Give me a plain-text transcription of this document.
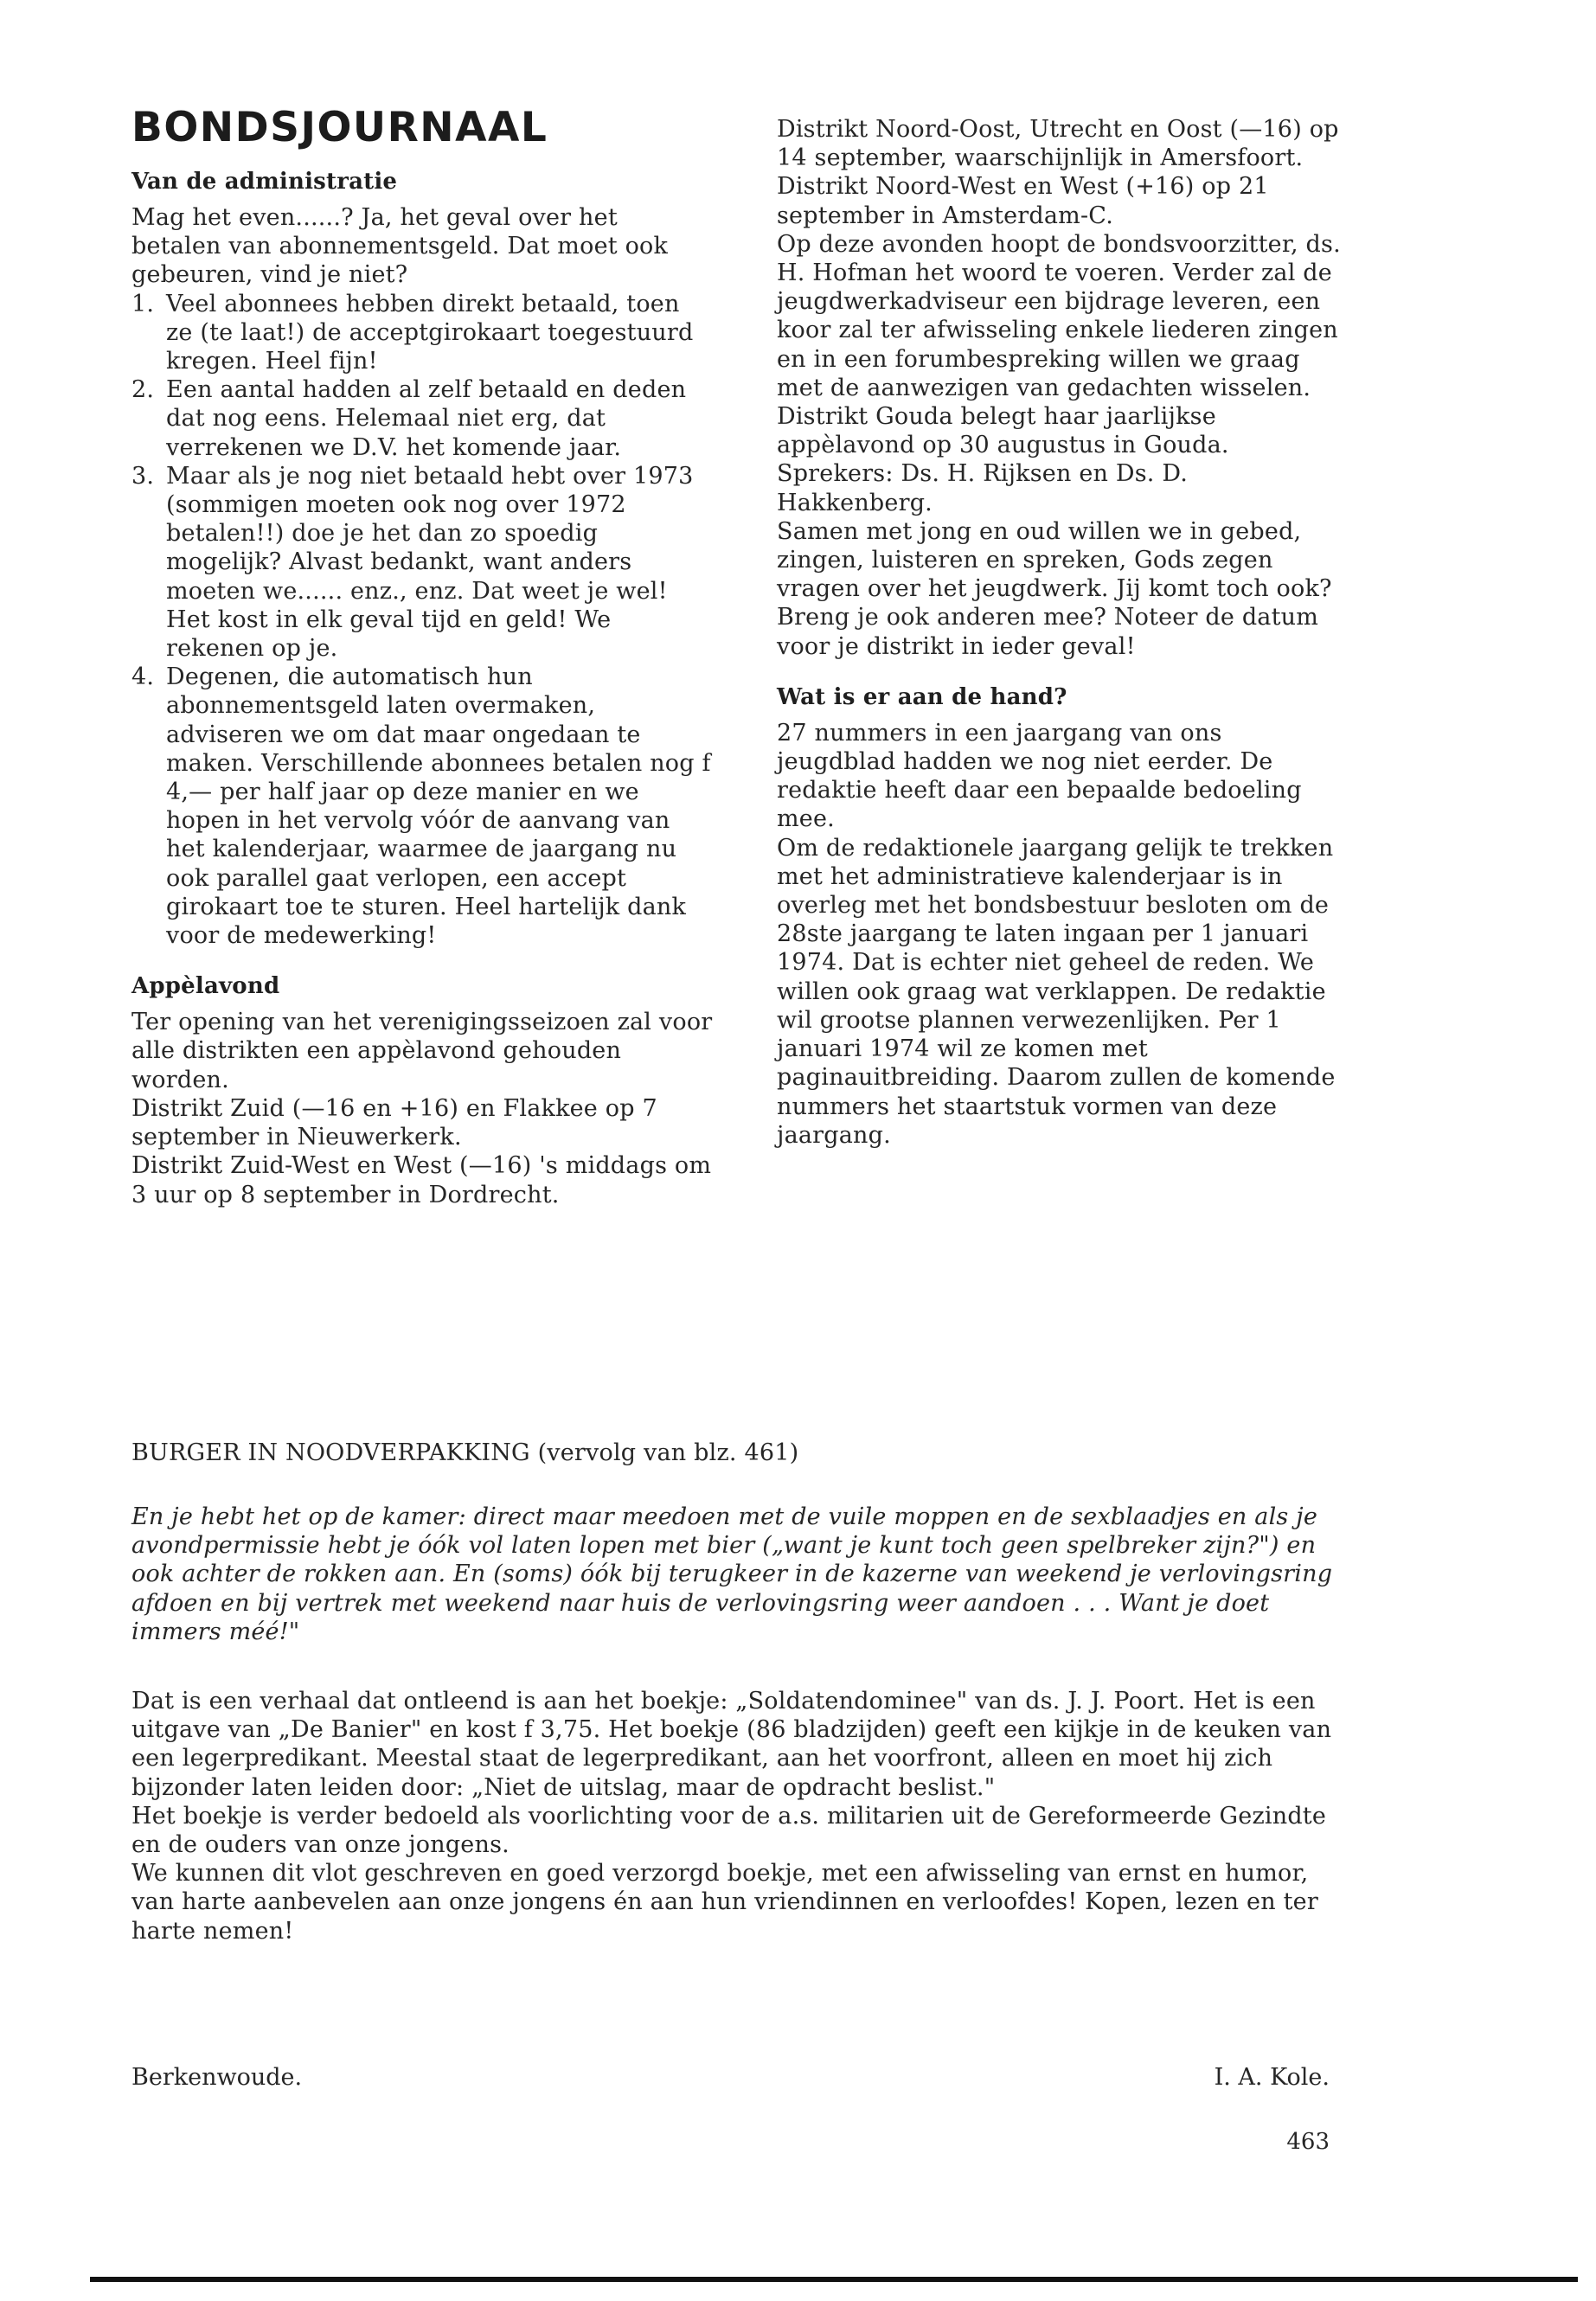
BONDSJOURNAAL
Van de administratie

Mag het even......? Ja, het geval over het betalen van abonnementsgeld. Dat moet ook gebeuren, vind je niet?

1. Veel abonnees hebben direkt betaald, toen ze (te laat!) de acceptgirokaart toegestuurd kregen. Heel fijn!
2. Een aantal hadden al zelf betaald en deden dat nog eens. Helemaal niet erg, dat verrekenen we D.V. het komende jaar.
3. Maar als je nog niet betaald hebt over 1973 (sommigen moeten ook nog over 1972 betalen!!) doe je het dan zo spoedig mogelijk? Alvast bedankt, want anders moeten we...... enz., enz. Dat weet je wel! Het kost in elk geval tijd en geld! We rekenen op je.
4. Degenen, die automatisch hun abonnementsgeld laten overmaken, adviseren we om dat maar ongedaan te maken. Verschillende abonnees betalen nog f 4,— per half jaar op deze manier en we hopen in het vervolg vóór de aanvang van het kalenderjaar, waarmee de jaargang nu ook parallel gaat verlopen, een accept girokaart toe te sturen. Heel hartelijk dank voor de medewerking!
Appèlavond

Ter opening van het verenigingsseizoen zal voor alle distrikten een appèlavond gehouden worden.

Distrikt Zuid (—16 en +16) en Flakkee op 7 september in Nieuwerkerk.

Distrikt Zuid-West en West (—16) 's middags om 3 uur op 8 september in Dordrecht.

Distrikt Noord-Oost, Utrecht en Oost (—16) op 14 september, waarschijnlijk in Amersfoort.

Distrikt Noord-West en West (+16) op 21 september in Amsterdam-C.

Op deze avonden hoopt de bondsvoorzitter, ds. H. Hofman het woord te voeren. Verder zal de jeugdwerkadviseur een bijdrage leveren, een koor zal ter afwisseling enkele liederen zingen en in een forumbespreking willen we graag met de aanwezigen van gedachten wisselen.

Distrikt Gouda belegt haar jaarlijkse appèlavond op 30 augustus in Gouda. Sprekers: Ds. H. Rijksen en Ds. D. Hakkenberg.

Samen met jong en oud willen we in gebed, zingen, luisteren en spreken, Gods zegen vragen over het jeugdwerk. Jij komt toch ook? Breng je ook anderen mee? Noteer de datum voor je distrikt in ieder geval!

Wat is er aan de hand?

27 nummers in een jaargang van ons jeugdblad hadden we nog niet eerder. De redaktie heeft daar een bepaalde bedoeling mee.

Om de redaktionele jaargang gelijk te trekken met het administratieve kalenderjaar is in overleg met het bondsbestuur besloten om de 28ste jaargang te laten ingaan per 1 januari 1974. Dat is echter niet geheel de reden. We willen ook graag wat verklappen. De redaktie wil grootse plannen verwezenlijken. Per 1 januari 1974 wil ze komen met paginauitbreiding. Daarom zullen de komende nummers het staartstuk vormen van deze jaargang.

BURGER IN NOODVERPAKKING (vervolg van blz. 461)
En je hebt het op de kamer: direct maar meedoen met de vuile moppen en de sexblaadjes en als je avondpermissie hebt je óók vol laten lopen met bier („want je kunt toch geen spelbreker zijn?") en ook achter de rokken aan. En (soms) óók bij terugkeer in de kazerne van weekend je verlovingsring afdoen en bij vertrek met weekend naar huis de verlovingsring weer aandoen . . . Want je doet immers méé!"

Dat is een verhaal dat ontleend is aan het boekje: „Soldatendominee" van ds. J. J. Poort. Het is een uitgave van „De Banier" en kost f 3,75. Het boekje (86 bladzijden) geeft een kijkje in de keuken van een legerpredikant. Meestal staat de legerpredikant, aan het voorfront, alleen en moet hij zich bijzonder laten leiden door: „Niet de uitslag, maar de opdracht beslist."

Het boekje is verder bedoeld als voorlichting voor de a.s. militarien uit de Gereformeerde Gezindte en de ouders van onze jongens.

We kunnen dit vlot geschreven en goed verzorgd boekje, met een afwisseling van ernst en humor, van harte aanbevelen aan onze jongens én aan hun vriendinnen en verloofdes! Kopen, lezen en ter harte nemen!

Berkenwoude.	I. A. Kole.
463
